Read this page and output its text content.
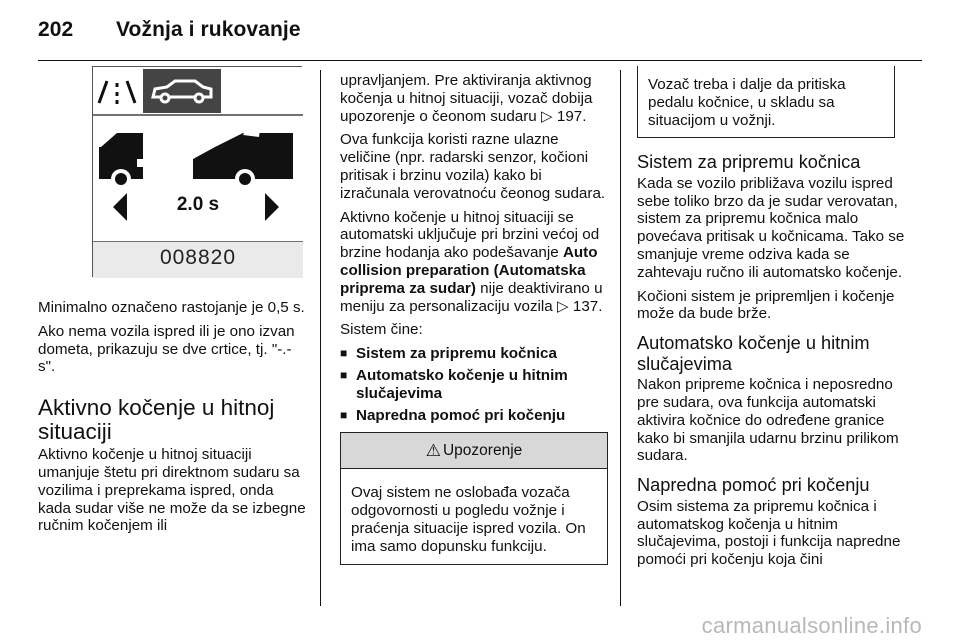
202 Vožnja i rukovanje
2.0 s
008820

Minimalno označeno rastojanje je 0,5 s.

Ako nema vozila ispred ili je ono izvan dometa, prikazuju se dve crtice, tj. "-.- s".

Aktivno kočenje u hitnoj situaciji

Aktivno kočenje u hitnoj situaciji umanjuje štetu pri direktnom sudaru sa vozilima i preprekama ispred, onda kada sudar više ne može da se izbegne ručnim kočenjem ili

upravljanjem. Pre aktiviranja aktivnog kočenja u hitnoj situaciji, vozač dobija upozorenje o čeonom sudaru ▷ 197.

Ova funkcija koristi razne ulazne veličine (npr. radarski senzor, kočioni pritisak i brzinu vozila) kako bi izračunala verovatnoću čeonog sudara.

Aktivno kočenje u hitnoj situaciji se automatski uključuje pri brzini većoj od brzine hodanja ako podešavanje Auto collision preparation (Automatska priprema za sudar) nije deaktivirano u meniju za personalizaciju vozila ▷ 137.

Sistem čine:

■ Sistem za pripremu kočnica
■ Automatsko kočenje u hitnim slučajevima
■ Napredna pomoć pri kočenju
⚠ Upozorenje
Ovaj sistem ne oslobađa vozača odgovornosti u pogledu vožnje i praćenja situacije ispred vozila. On ima samo dopunsku funkciju.
Vozač treba i dalje da pritiska pedalu kočnice, u skladu sa situacijom u vožnji.
Sistem za pripremu kočnica

Kada se vozilo približava vozilu ispred sebe toliko brzo da je sudar verovatan, sistem za pripremu kočnica malo povećava pritisak u kočnicama. Tako se smanjuje vreme odziva kada se zahtevaju ručno ili automatsko kočenje.

Kočioni sistem je pripremljen i kočenje može da bude brže.

Automatsko kočenje u hitnim slučajevima

Nakon pripreme kočnica i neposredno pre sudara, ova funkcija automatski aktivira kočnice do određene granice kako bi smanjila udarnu brzinu prilikom sudara.

Napredna pomoć pri kočenju

Osim sistema za pripremu kočnica i automatskog kočenja u hitnim slučajevima, postoji i funkcija napredne pomoći pri kočenju koja čini

carmanualsonline.info
